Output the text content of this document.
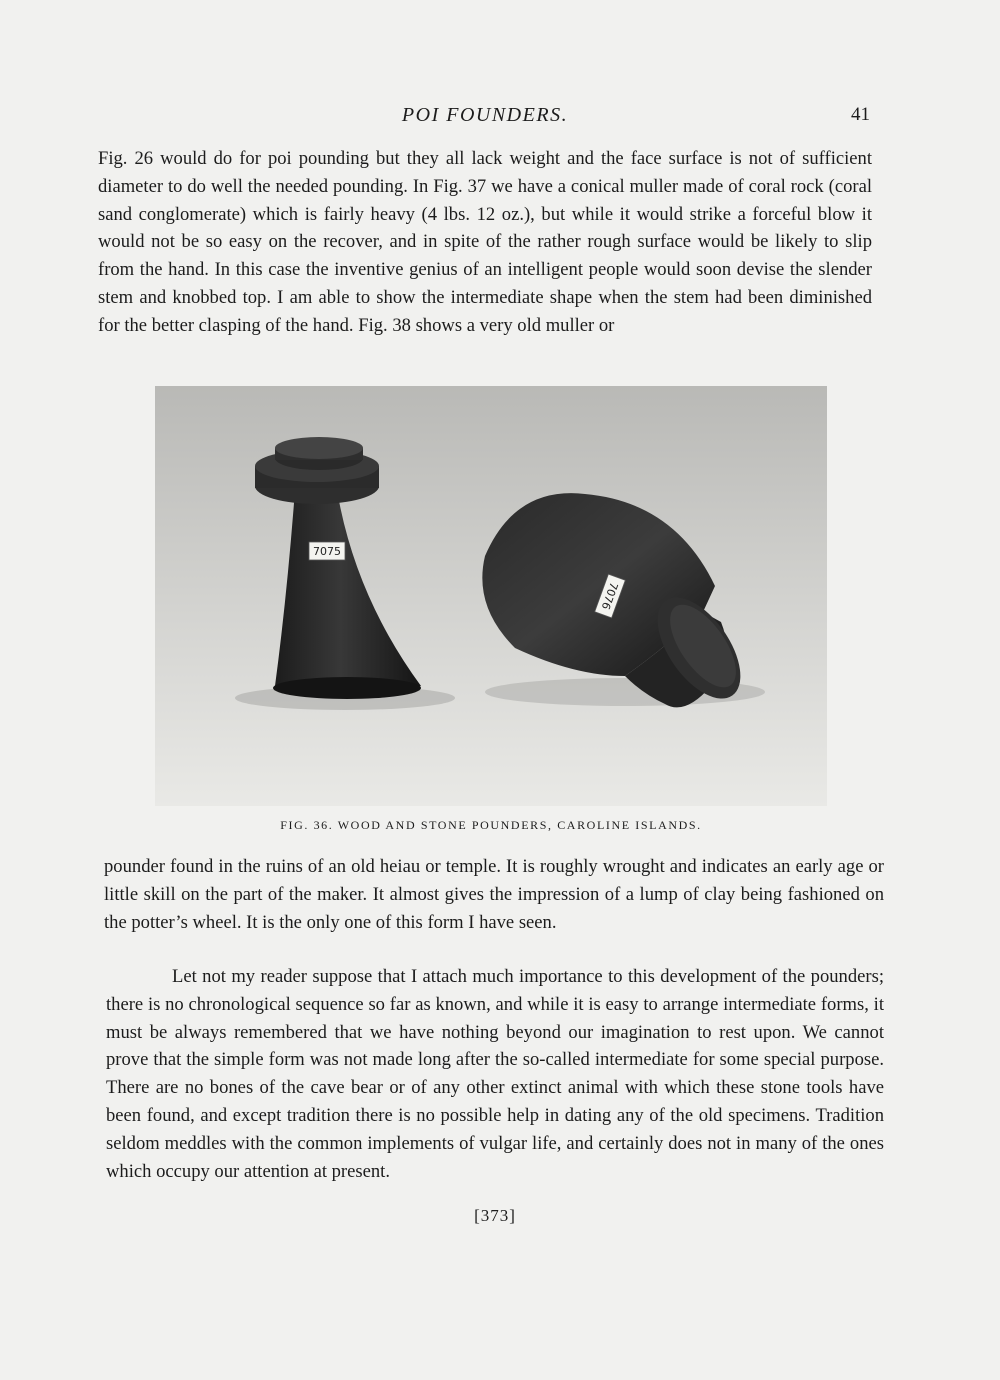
POI FOUNDERS.	41

Fig. 26 would do for poi pounding but they all lack weight and the face surface is not of sufficient diameter to do well the needed pounding. In Fig. 37 we have a conical muller made of coral rock (coral sand conglomerate) which is fairly heavy (4 lbs. 12 oz.), but while it would strike a forceful blow it would not be so easy on the recover, and in spite of the rather rough surface would be likely to slip from the hand. In this case the inventive genius of an intelligent people would soon devise the slender stem and knobbed top. I am able to show the intermediate shape when the stem had been diminished for the better clasping of the hand. Fig. 38 shows a very old muller or

7075
7076
FIG. 36. WOOD AND STONE POUNDERS, CAROLINE ISLANDS.

pounder found in the ruins of an old heiau or temple. It is roughly wrought and indicates an early age or little skill on the part of the maker. It almost gives the impression of a lump of clay being fashioned on the potter’s wheel. It is the only one of this form I have seen.

Let not my reader suppose that I attach much importance to this development of the pounders; there is no chronological sequence so far as known, and while it is easy to arrange intermediate forms, it must be always remembered that we have nothing beyond our imagination to rest upon. We cannot prove that the simple form was not made long after the so-called intermediate for some special purpose. There are no bones of the cave bear or of any other extinct animal with which these stone tools have been found, and except tradition there is no possible help in dating any of the old specimens. Tradition seldom meddles with the common implements of vulgar life, and certainly does not in many of the ones which occupy our attention at present.

[373]
